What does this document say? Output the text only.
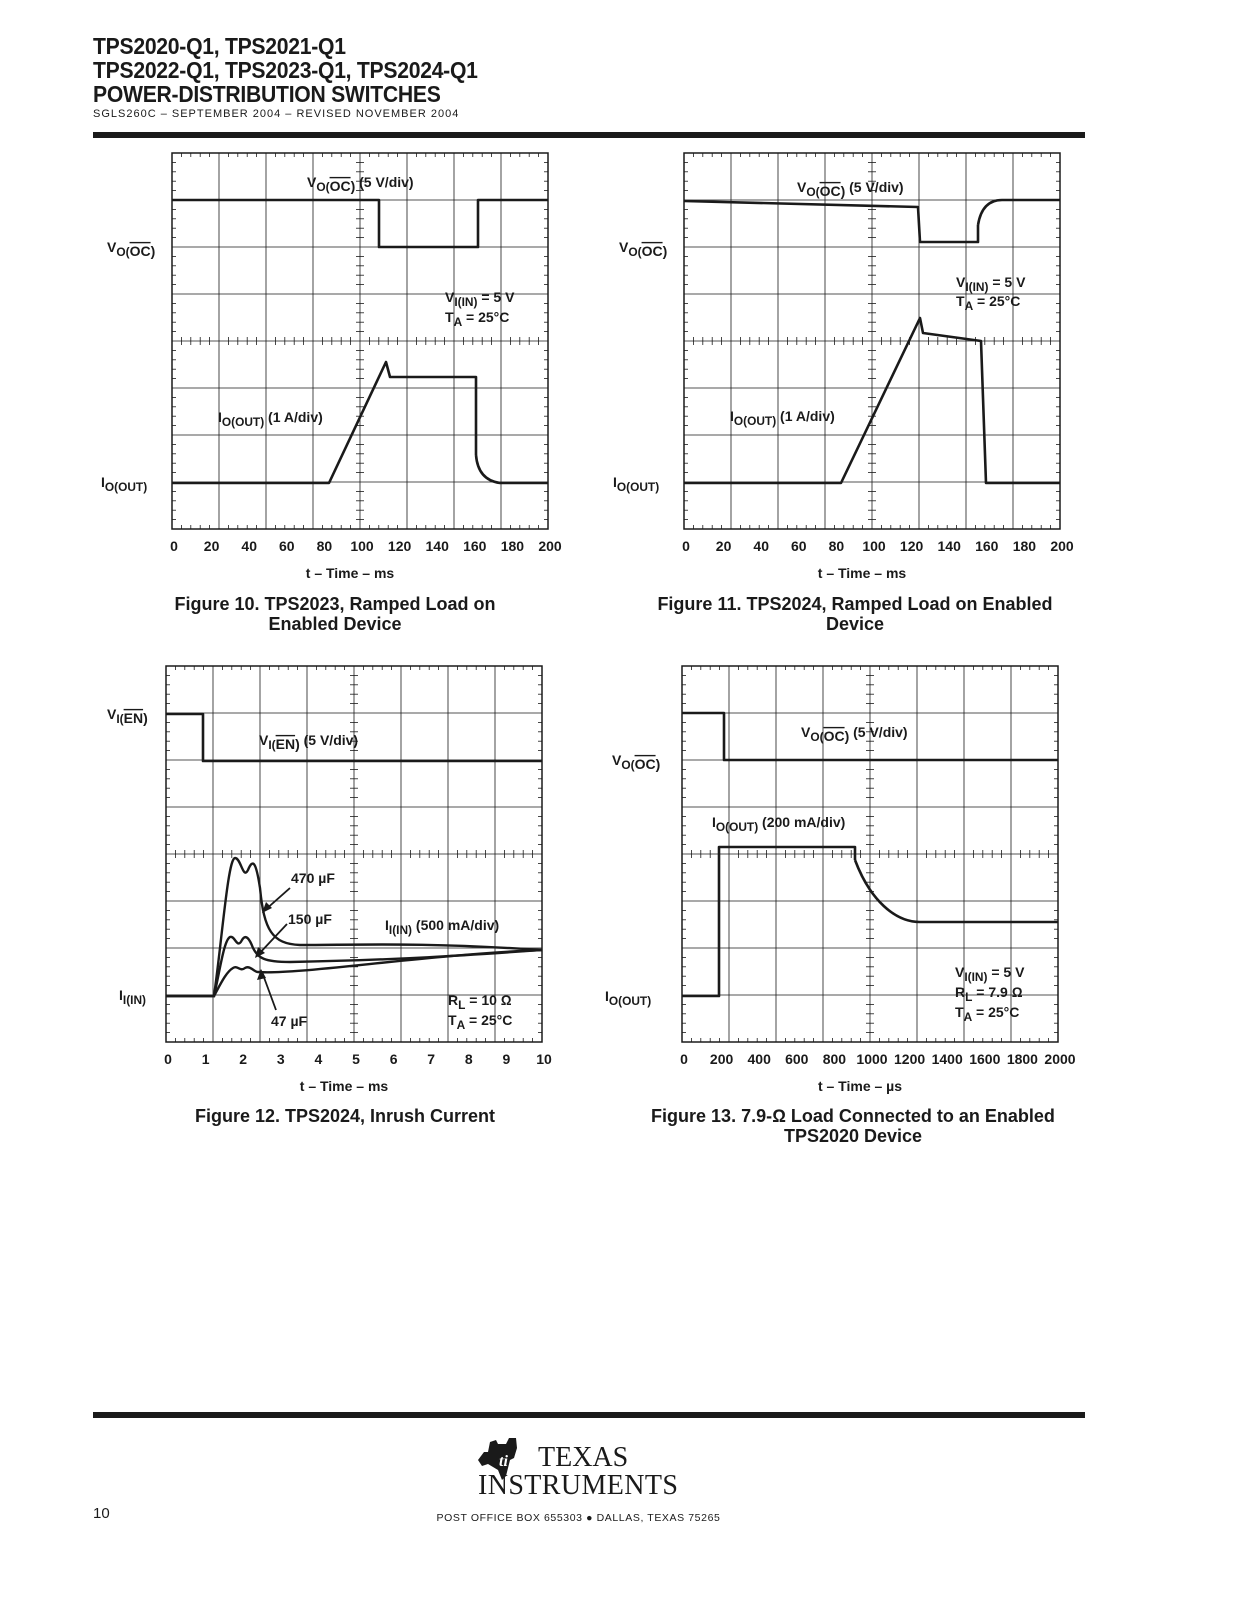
TPS2020-Q1, TPS2021-Q1
TPS2022-Q1, TPS2023-Q1, TPS2024-Q1
POWER-DISTRIBUTION SWITCHES
SGLS260C – SEPTEMBER 2004 – REVISED NOVEMBER 2004
0 20 40 60 80 100 120 140 160 180 200
t – Time – ms
$V_{O(}OC$) (5 V/div)
$I_{O(OUT)}$ (1 A/div)
$V_{O(}OC$)
$I_{O(OUT)}$
$V_{I(IN)} = 5$ V
$T_A = 25^\circ C$
Figure 10. TPS2023, Ramped Load on
Enabled Device
0 20 40 60 80 100 120 140 160 180 200
t – Time – ms
$V_{O(}OC$) (5 V/div)
$I_{O(OUT)}$ (1 A/div)
$V_{O(}OC$)
$I_{O(OUT)}$
$V_{I(IN)} = 5$ V
$T_A = 25^\circ C$
Figure 11. TPS2024, Ramped Load on Enabled
Device
0 1 2 3 4 5 6 7 8 9 10
t – Time – ms
470 µF
150 µF
47 µF
$V_{I(}EN$) (5 V/div)
$I_{I(IN)}$ (500 mA/div)
$V_{I(}EN$)
$I_{I(IN)}$	$R_L = 10$ Ω
$T_A = 25^\circ C$
Figure 12. TPS2024, Inrush Current
0 200 400 600 800 1000 1200 1400 1600 1800 2000
t – Time – µs
$V_{O(}OC$) (5 V/div)
$I_{O(OUT)}$ (200 mA/div)
$V_{O(}OC$)
$I_{O(OUT)}$
$V_{I(IN)} = 5$ V
$R_L = 7.9$ Ω
$T_A = 25^\circ C$
Figure 13. 7.9-Ω Load Connected to an Enabled
TPS2020 Device
ti TEXAS
INSTRUMENTS
POST OFFICE BOX 655303 ● DALLAS, TEXAS 75265
10
